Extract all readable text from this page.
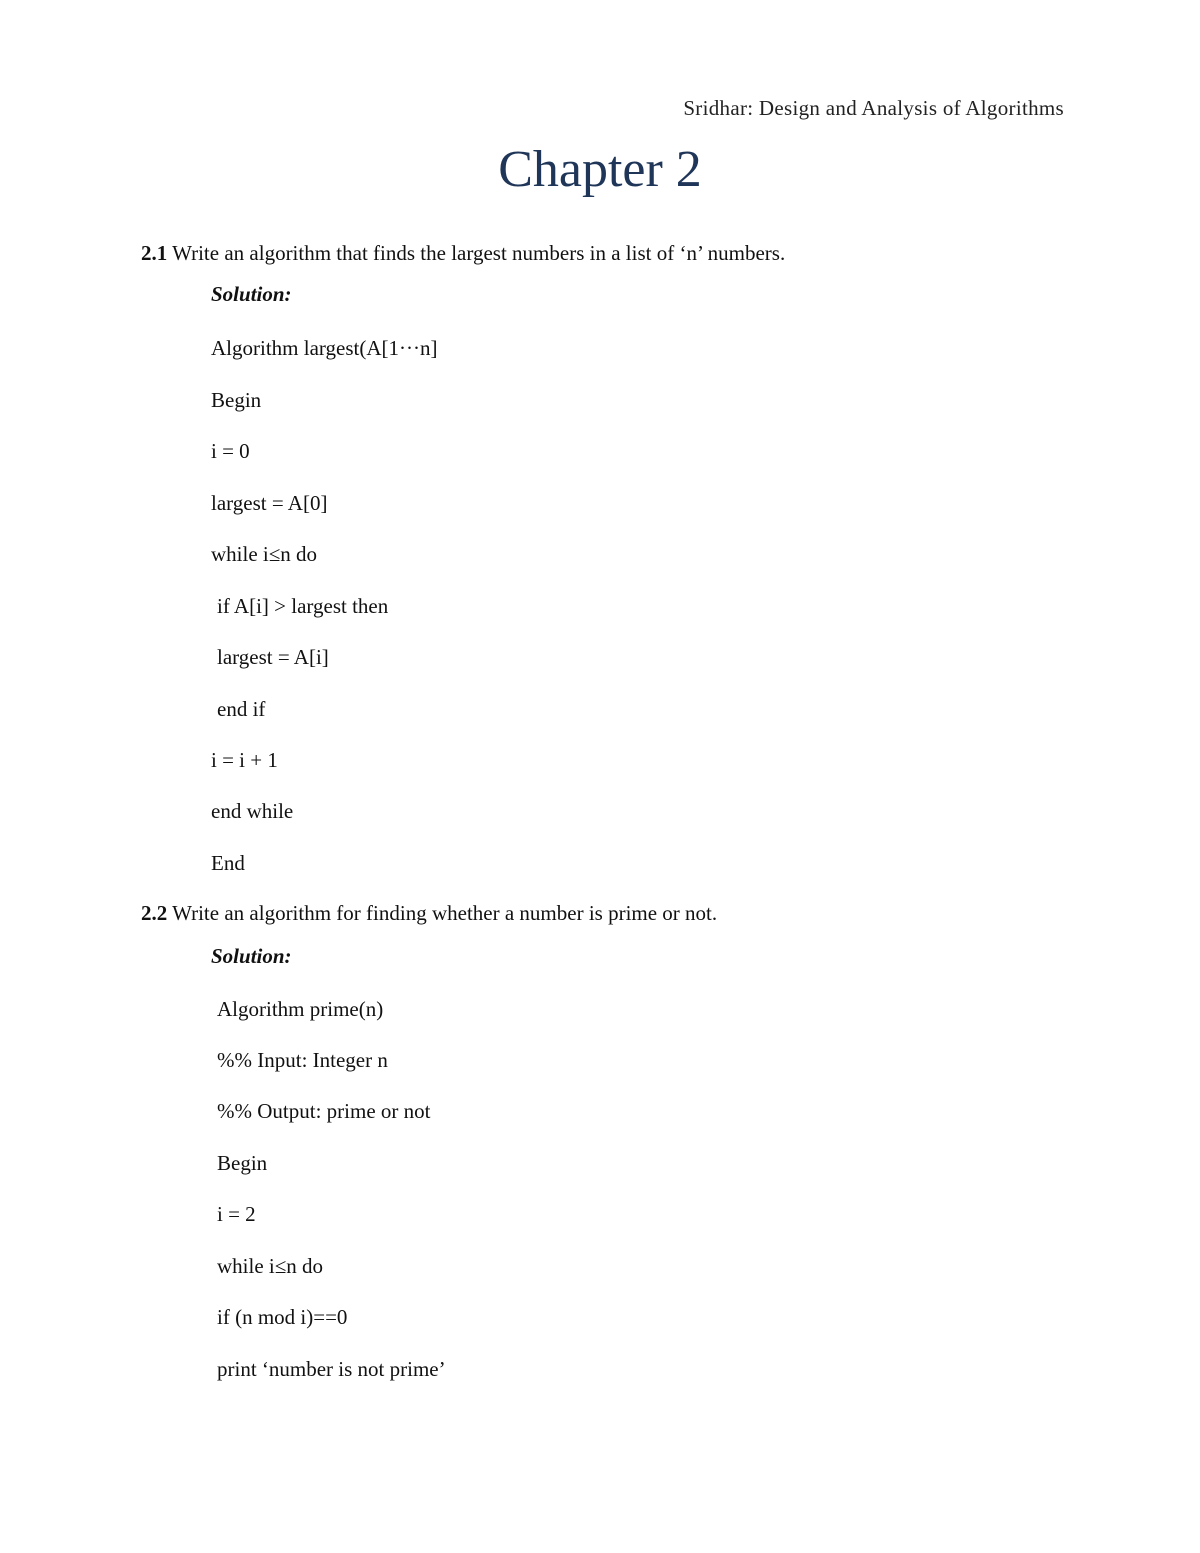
Sridhar: Design and Analysis of Algorithms
Chapter 2
2.1 Write an algorithm that finds the largest numbers in a list of ‘n’ numbers.
Solution:
Algorithm largest(A[1···n]
Begin
i = 0
largest = A[0]
while i≤n do
if A[i] > largest then
largest = A[i]
end if
i = i + 1
end while
End
2.2 Write an algorithm for finding whether a number is prime or not.
Solution:
Algorithm prime(n)
%% Input: Integer n
%% Output: prime or not
Begin
i = 2
while i≤n do
if (n mod i)==0
print ‘number is not prime’
